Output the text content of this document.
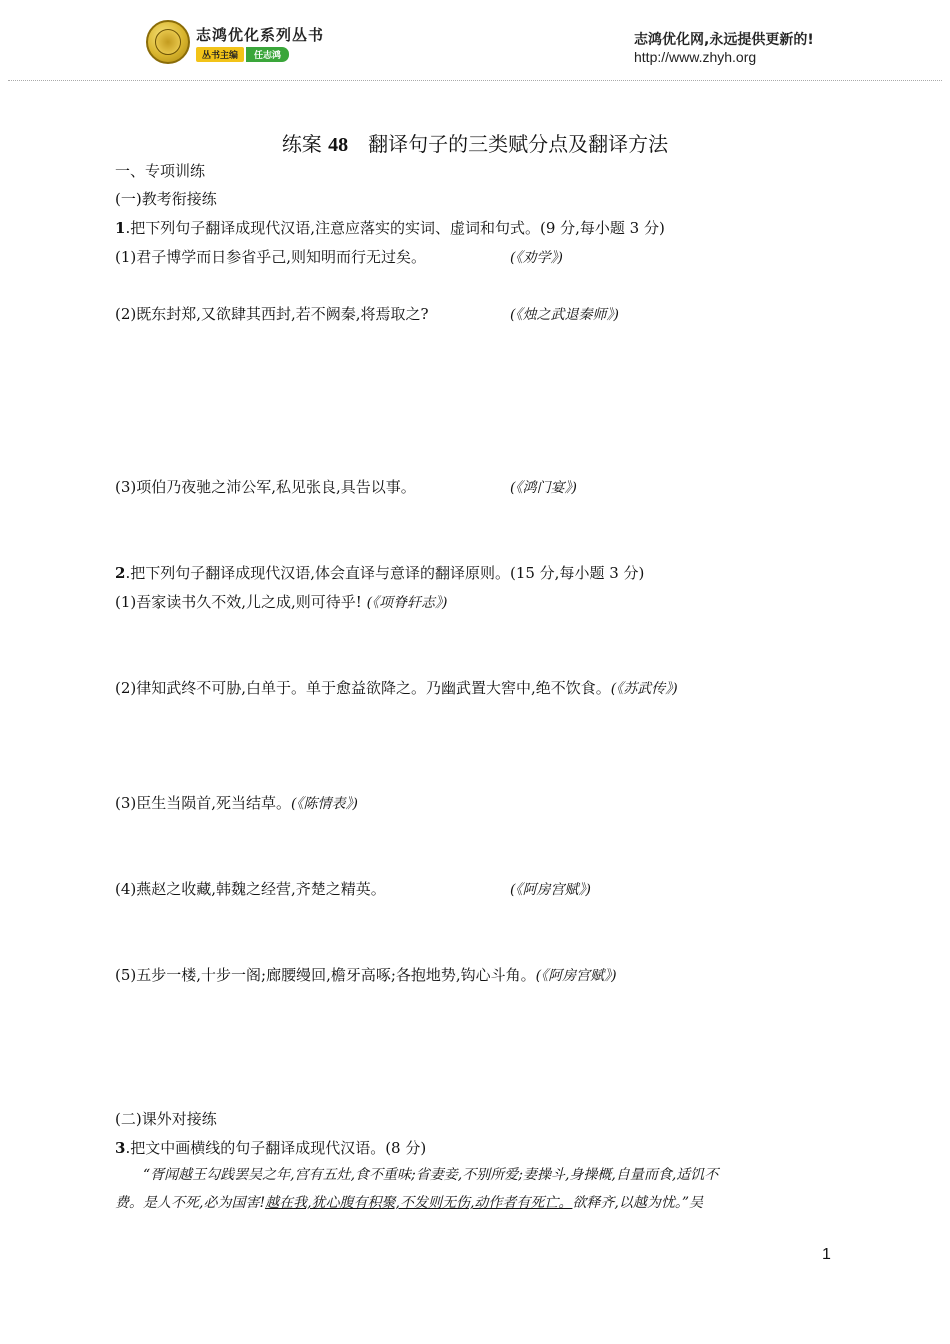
志鸿优化系列丛书
丛书主编	任志鸿
志鸿优化网,永远提供更新的!
http://www.zhyh.org
练案 48  翻译句子的三类赋分点及翻译方法
一、专项训练
(一)教考衔接练
1.把下列句子翻译成现代汉语,注意应落实的实词、虚词和句式。(9 分,每小题 3 分)
(1)君子博学而日参省乎己,则知明而行无过矣。	(《劝学》)
(2)既东封郑,又欲肆其西封,若不阙秦,将焉取之?	(《烛之武退秦师》)
(3)项伯乃夜驰之沛公军,私见张良,具告以事。	(《鸿门宴》)
2.把下列句子翻译成现代汉语,体会直译与意译的翻译原则。(15 分,每小题 3 分)
(1)吾家读书久不效,儿之成,则可待乎! (《项脊轩志》)
(2)律知武终不可胁,白单于。单于愈益欲降之。乃幽武置大窖中,绝不饮食。(《苏武传》)
(3)臣生当陨首,死当结草。(《陈情表》)
(4)燕赵之收藏,韩魏之经营,齐楚之精英。	(《阿房宫赋》)
(5)五步一楼,十步一阁;廊腰缦回,檐牙高啄;各抱地势,钩心斗角。(《阿房宫赋》)
(二)课外对接练
3.把文中画横线的句子翻译成现代汉语。(8 分)
“胥闻越王勾践罢吴之年,宫有五灶,食不重味;省妻妾,不别所爱;妻操斗,身操概,自量而食,适饥不
费。是人不死,必为国害!越在我,犹心腹有积聚,不发则无伤,动作者有死亡。欲释齐,以越为忧。”吴
1
